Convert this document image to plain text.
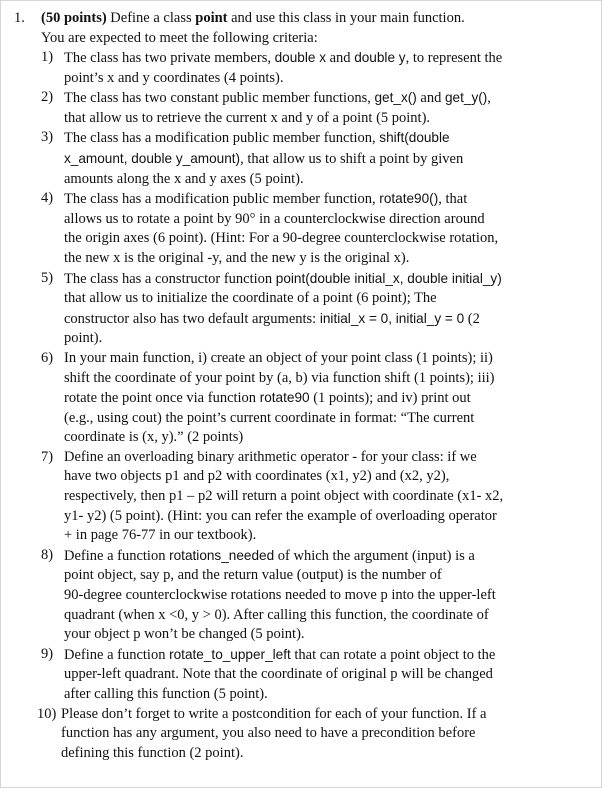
1. (50 points) Define a class point and use this class in your main function.
You are expected to meet the following criteria:
1) The class has two private members, double x and double y, to represent the
point’s x and y coordinates (4 points).
2) The class has two constant public member functions, get_x() and get_y(),
that allow us to retrieve the current x and y of a point (5 point).
3) The class has a modification public member function, shift(double
x_amount, double y_amount), that allow us to shift a point by given
amounts along the x and y axes (5 point).
4) The class has a modification public member function, rotate90(), that
allows us to rotate a point by 90° in a counterclockwise direction around
the origin axes (6 point). (Hint: For a 90-degree counterclockwise rotation,
the new x is the original -y, and the new y is the original x).
5) The class has a constructor function point(double initial_x, double initial_y)
that allow us to initialize the coordinate of a point (6 point); The
constructor also has two default arguments: initial_x = 0, initial_y = 0 (2
point).
6) In your main function, i) create an object of your point class (1 points); ii)
shift the coordinate of your point by (a, b) via function shift (1 points); iii)
rotate the point once via function rotate90 (1 points); and iv) print out
(e.g., using cout) the point’s current coordinate in format: “The current
coordinate is (x, y).” (2 points)
7) Define an overloading binary arithmetic operator - for your class: if we
have two objects p1 and p2 with coordinates (x1, y2) and (x2, y2),
respectively, then p1 – p2 will return a point object with coordinate (x1- x2,
y1- y2) (5 point). (Hint: you can refer the example of overloading operator
+ in page 76-77 in our textbook).
8) Define a function rotations_needed of which the argument (input) is a
point object, say p, and the return value (output) is the number of
90-degree counterclockwise rotations needed to move p into the upper-left
quadrant (when x <0, y > 0). After calling this function, the coordinate of
your object p won’t be changed (5 point).
9) Define a function rotate_to_upper_left that can rotate a point object to the
upper-left quadrant. Note that the coordinate of original p will be changed
after calling this function (5 point).
10) Please don’t forget to write a postcondition for each of your function. If a
function has any argument, you also need to have a precondition before
defining this function (2 point).
